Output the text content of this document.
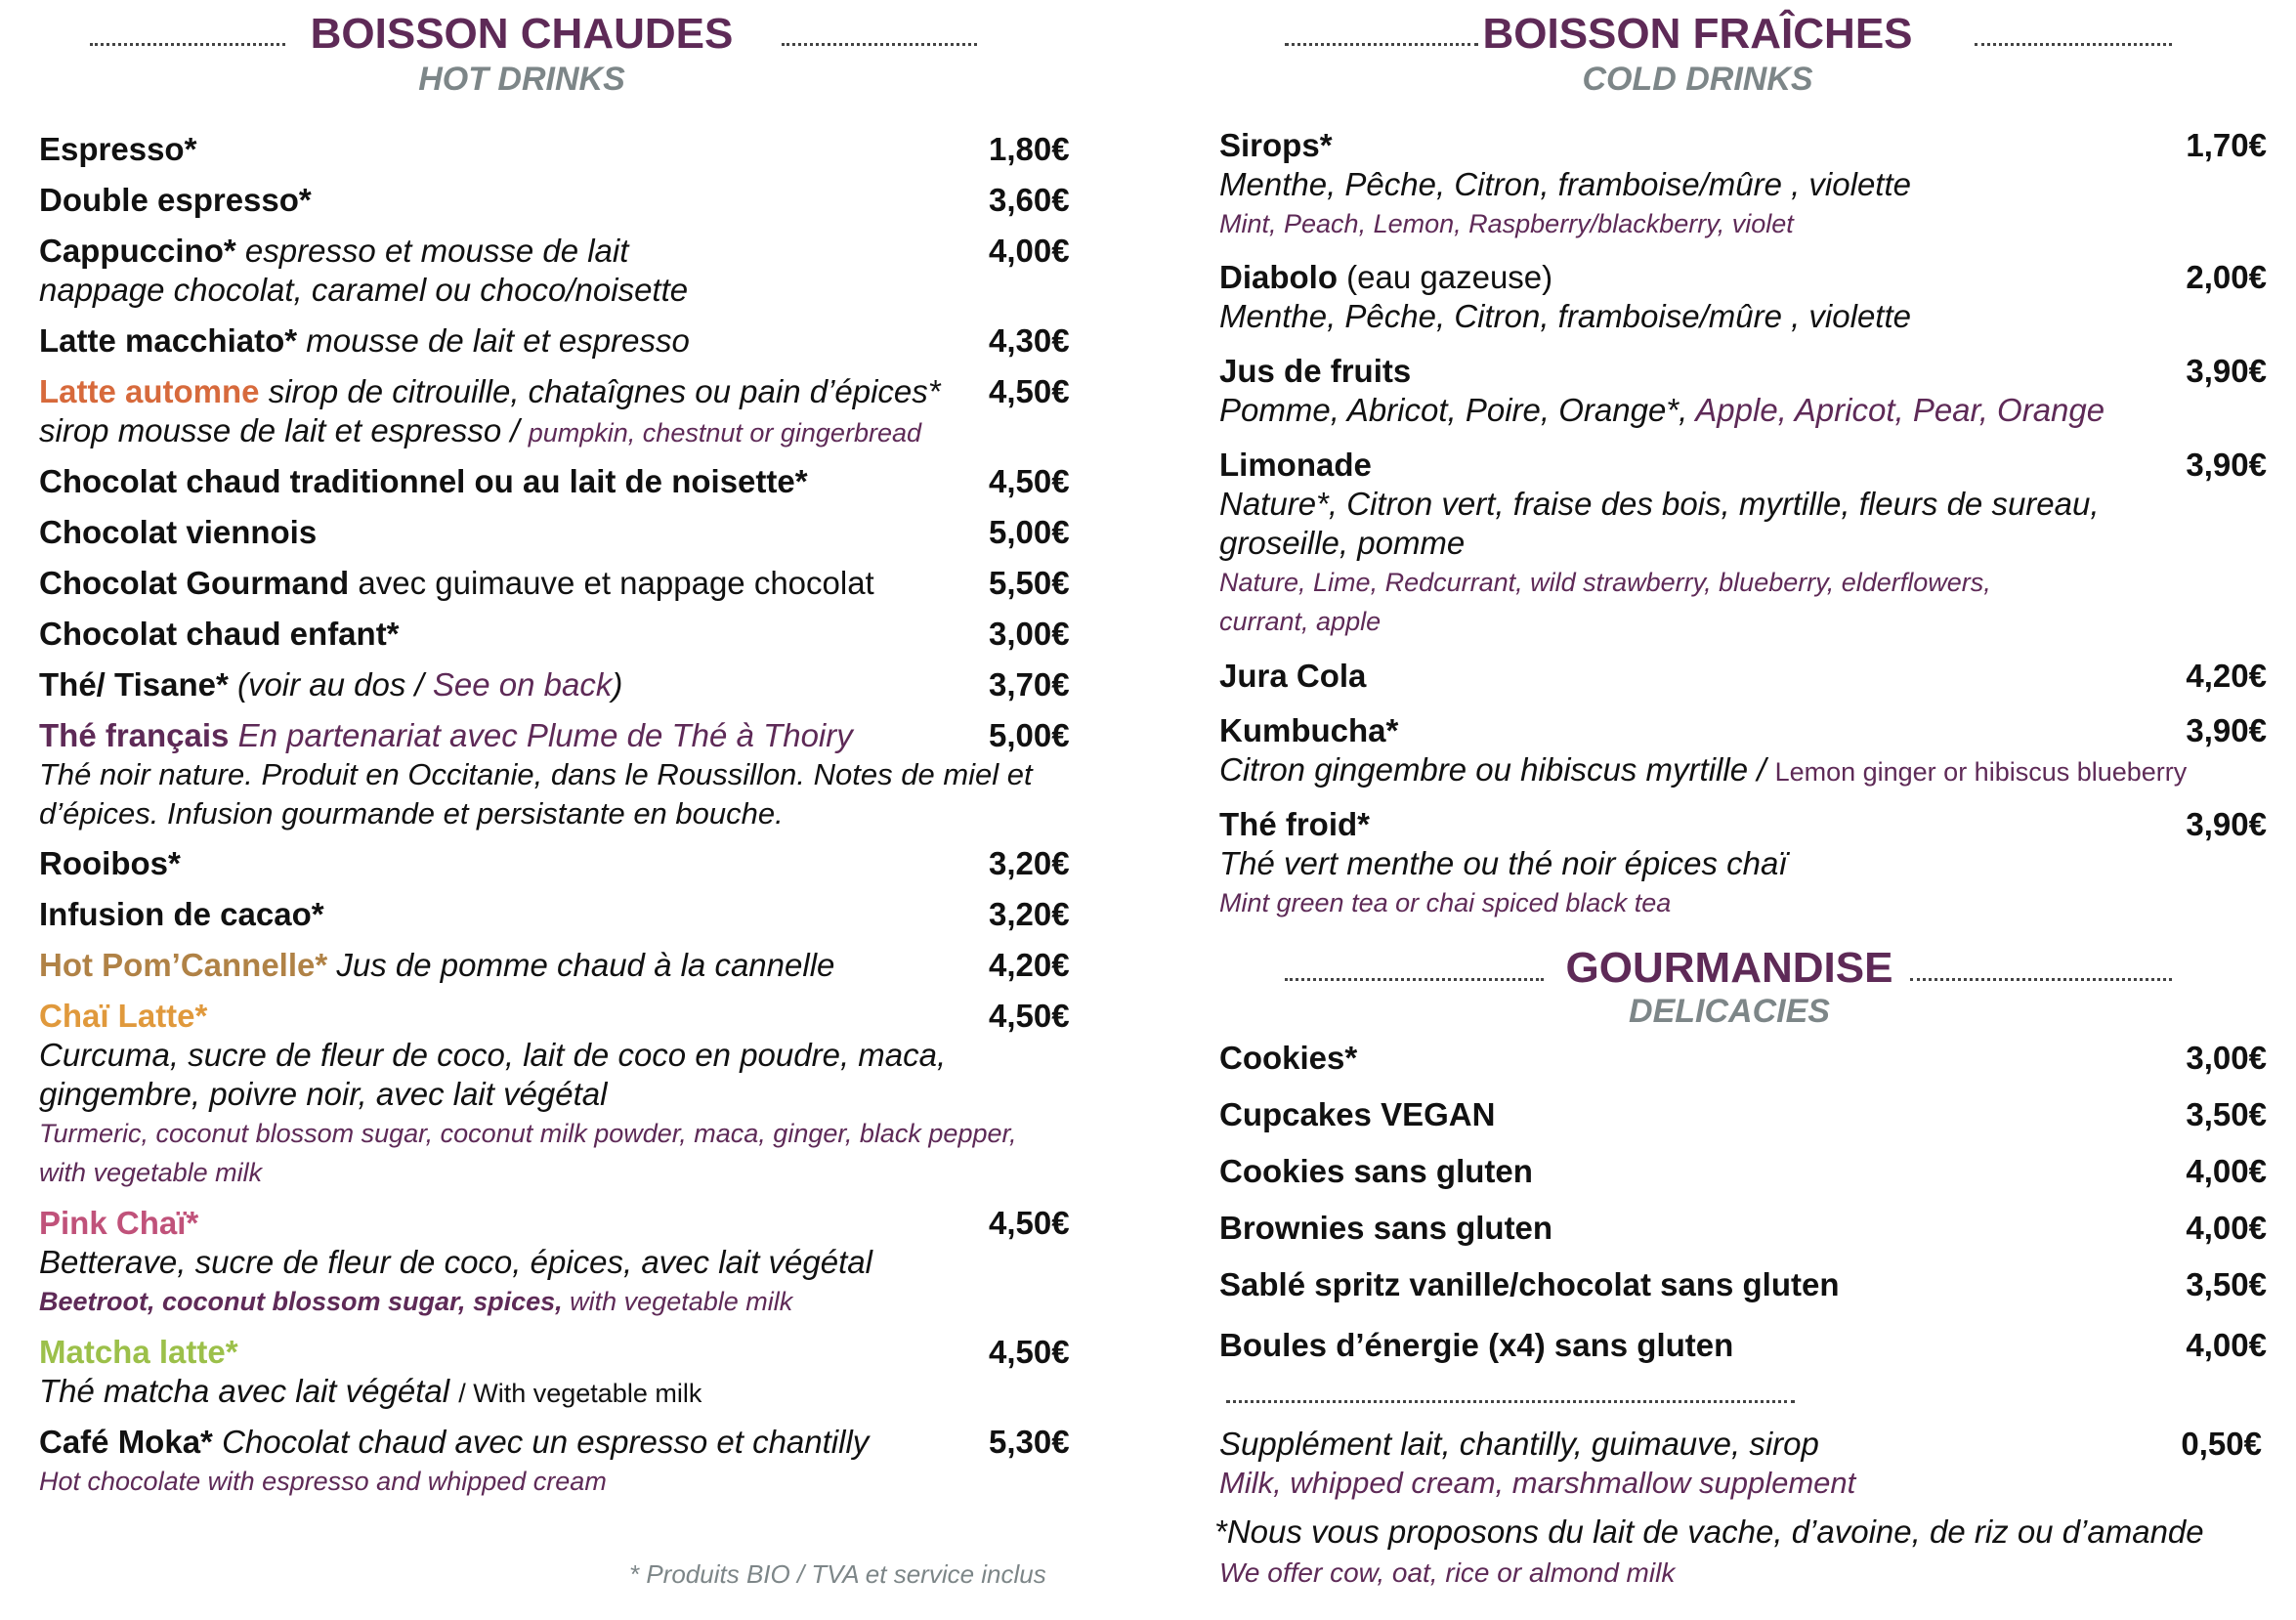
BOISSON CHAUDES
HOT DRINKS
Espresso*	1,80€
Double espresso*	3,60€
Cappuccino* espresso et mousse de lait
nappage chocolat, caramel ou choco/noisette
4,00€
Latte macchiato* mousse de lait et espresso	4,30€
Latte automne sirop de citrouille, chataîgnes ou pain d’épices*
sirop mousse de lait et espresso / pumpkin, chestnut or gingerbread
4,50€
Chocolat chaud traditionnel ou au lait de noisette*	4,50€
Chocolat viennois	5,00€
Chocolat Gourmand avec guimauve et nappage chocolat	5,50€
Chocolat chaud enfant*	3,00€
Thé/ Tisane* (voir au dos / See on back)	3,70€
Thé français En partenariat avec Plume de Thé à Thoiry
Thé noir nature. Produit en Occitanie, dans le Roussillon. Notes de miel et
d’épices. Infusion gourmande et persistante en bouche.
5,00€
Rooibos*	3,20€
Infusion de cacao*	3,20€
Hot Pom’Cannelle* Jus de pomme chaud à la cannelle	4,20€
Chaï Latte*
Curcuma, sucre de fleur de coco, lait de coco en poudre, maca,
gingembre, poivre noir, avec lait végétal
Turmeric, coconut blossom sugar, coconut milk powder, maca, ginger, black pepper,
with vegetable milk
4,50€
Pink Chaï*
Betterave, sucre de fleur de coco, épices, avec lait végétal
Beetroot, coconut blossom sugar, spices, with vegetable milk
4,50€
Matcha latte*
Thé matcha avec lait végétal / With vegetable milk
4,50€
Café Moka* Chocolat chaud avec un espresso et chantilly
Hot chocolate with espresso and whipped cream
5,30€
* Produits BIO / TVA et service inclus
BOISSON FRAÎCHES
COLD DRINKS
Sirops*
Menthe, Pêche, Citron, framboise/mûre , violette
Mint, Peach, Lemon, Raspberry/blackberry, violet
1,70€
Diabolo (eau gazeuse)
Menthe, Pêche, Citron, framboise/mûre , violette
2,00€
Jus de fruits
Pomme, Abricot, Poire, Orange*, Apple, Apricot, Pear, Orange
3,90€
Limonade
Nature*, Citron vert, fraise des bois, myrtille, fleurs de sureau,
groseille, pomme
Nature, Lime, Redcurrant, wild strawberry, blueberry, elderflowers,
currant, apple
3,90€
Jura Cola	4,20€
Kumbucha*
Citron gingembre ou hibiscus myrtille / Lemon ginger or hibiscus blueberry
3,90€
Thé froid*
Thé vert menthe ou thé noir épices chaï
Mint green tea or chai spiced black tea
3,90€
GOURMANDISE
DELICACIES
Cookies*	3,00€
Cupcakes VEGAN	3,50€
Cookies sans gluten	4,00€
Brownies sans gluten	4,00€
Sablé spritz vanille/chocolat sans gluten	3,50€
Boules d’énergie (x4) sans gluten	4,00€
Supplément lait, chantilly, guimauve, sirop
Milk, whipped cream, marshmallow supplement
0,50€
*Nous vous proposons du lait de vache, d’avoine, de riz ou d’amande
We offer cow, oat, rice or almond milk
